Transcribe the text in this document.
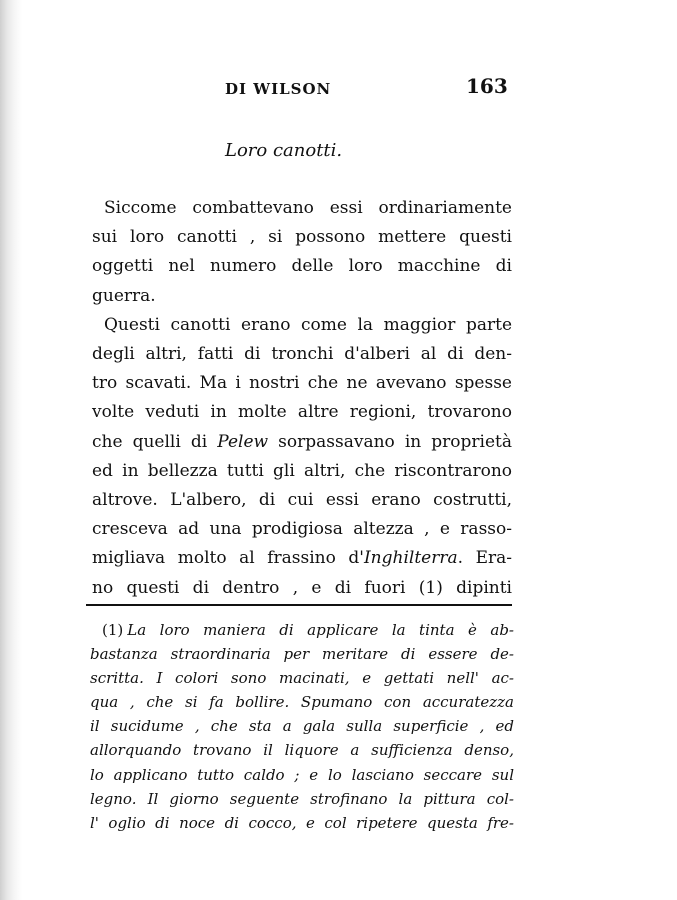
DI WILSON	163
Loro canotti.
Siccome combattevano essi ordinariamente
sui loro canotti , si possono mettere questi
oggetti nel numero delle loro macchine di
guerra.
Questi canotti erano come la maggior parte
degli altri, fatti di tronchi d'alberi al di den-
tro scavati. Ma i nostri che ne avevano spesse
volte veduti in molte altre regioni, trovarono
che quelli di Pelew sorpassavano in proprietà
ed in bellezza tutti gli altri, che riscontrarono
altrove. L'albero, di cui essi erano costrutti,
cresceva ad una prodigiosa altezza , e rasso-
migliava molto al frassino d'Inghilterra. Era-
no questi di dentro , e di fuori (1) dipinti
(1) La loro maniera di applicare la tinta è ab-
bastanza straordinaria per meritare di essere de-
scritta. I colori sono macinati, e gettati nell' ac-
qua , che si fa bollire. Spumano con accuratezza
il sucidume , che sta a gala sulla superficie , ed
allorquando trovano il liquore a sufficienza denso,
lo applicano tutto caldo ; e lo lasciano seccare sul
legno. Il giorno seguente strofinano la pittura col-
l' oglio di noce di cocco, e col ripetere questa fre-
